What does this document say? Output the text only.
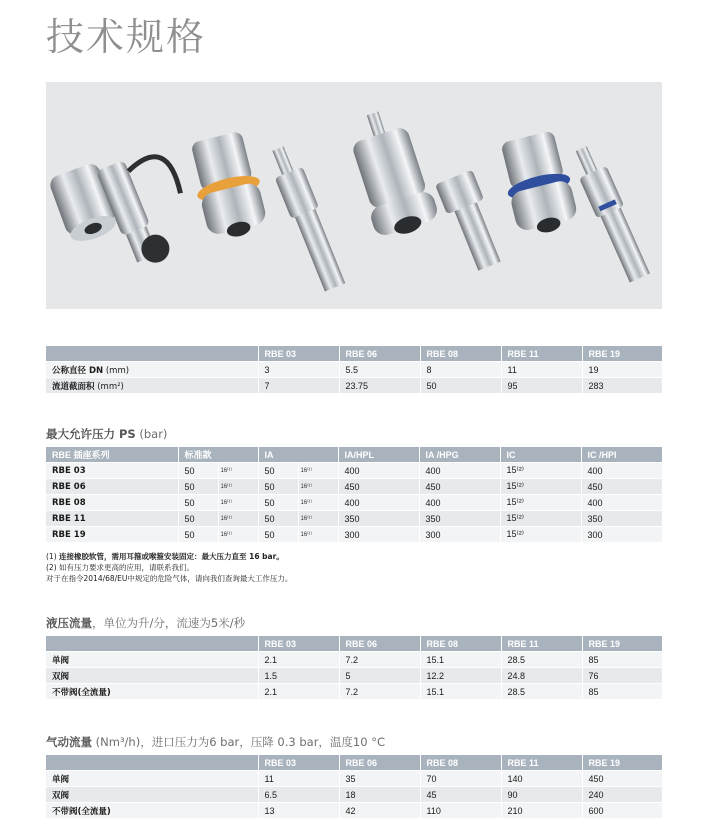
技术规格
	RBE 03	RBE 06	RBE 08	RBE 11	RBE 19
公称直径 DN (mm)	3	5.5	8	11	19
流道截面积 (mm²)	7	23.75	50	95	283
最大允许压力 PS (bar)
RBE 插座系列	标准款		IA		IA/HPL	IA /HPG	IC	IC /HPI
RBE 03	50	16⁽¹⁾	50	16⁽¹⁾	400	400	15⁽²⁾	400
RBE 06	50	16⁽¹⁾	50	16⁽¹⁾	450	450	15⁽²⁾	450
RBE 08	50	16⁽¹⁾	50	16⁽¹⁾	400	400	15⁽²⁾	400
RBE 11	50	16⁽¹⁾	50	16⁽¹⁾	350	350	15⁽²⁾	350
RBE 19	50	16⁽¹⁾	50	16⁽¹⁾	300	300	15⁽²⁾	300
(1) 连接橡胶软管，需用耳箍或喉箍安装固定：最大压力直至 16 bar。
(2) 如有压力要求更高的应用，请联系我们。
对于在指令2014/68/EU中规定的危险气体，请向我们查询最大工作压力。
液压流量，单位为升/分，流速为5米/秒
	RBE 03	RBE 06	RBE 08	RBE 11	RBE 19
单阀	2.1	7.2	15.1	28.5	85
双阀	1.5	5	12.2	24.8	76
不带阀(全流量)	2.1	7.2	15.1	28.5	85
气动流量 (Nm³/h)，进口压力为6 bar，压降 0.3 bar，温度10 °C
	RBE 03	RBE 06	RBE 08	RBE 11	RBE 19
单阀	11	35	70	140	450
双阀	6.5	18	45	90	240
不带阀(全流量)	13	42	110	210	600
